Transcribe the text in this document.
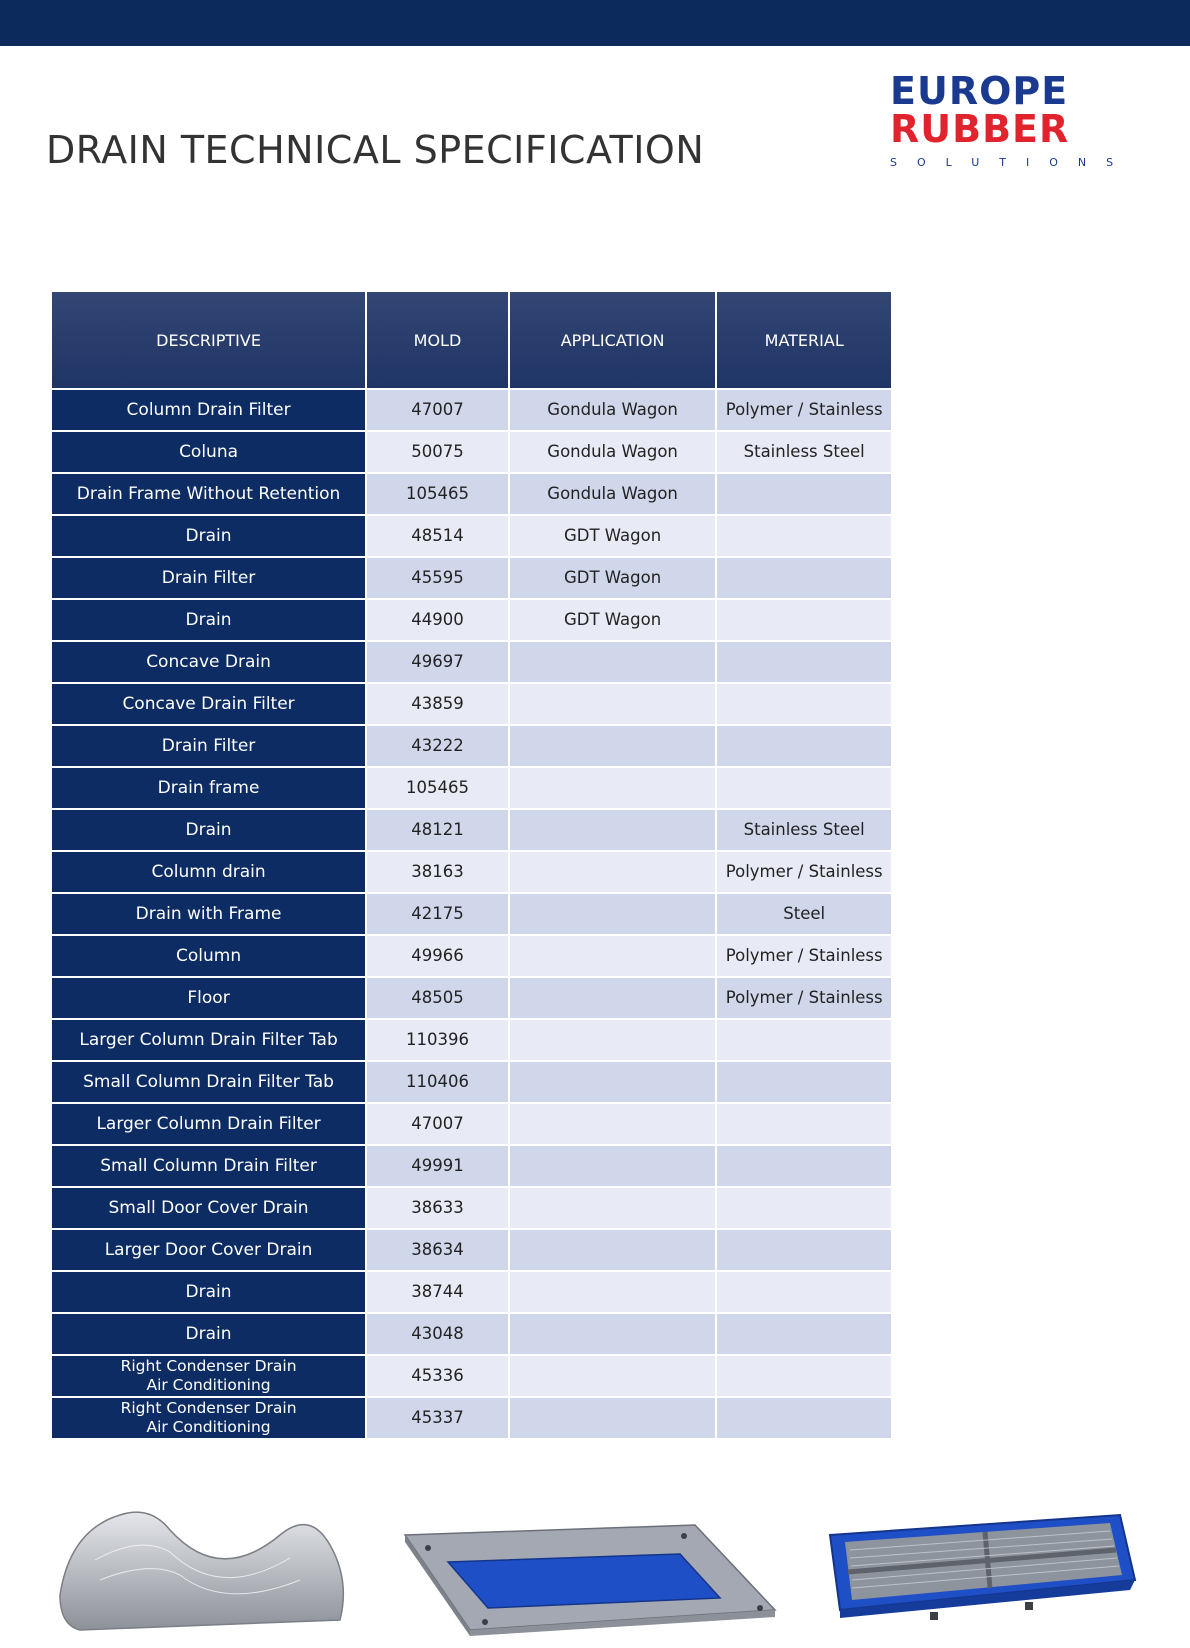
DRAIN TECHNICAL SPECIFICATION
EUROPE
RUBBER
SOLUTIONS
DESCRIPTIVE	MOLD	APPLICATION	MATERIAL
Column Drain Filter	47007	Gondula Wagon	Polymer / Stainless
Coluna	50075	Gondula Wagon	Stainless Steel
Drain Frame Without Retention	105465	Gondula Wagon	
Drain	48514	GDT Wagon	
Drain Filter	45595	GDT Wagon	
Drain	44900	GDT Wagon	
Concave Drain	49697		
Concave Drain Filter	43859		
Drain Filter	43222		
Drain frame	105465		
Drain	48121		Stainless Steel
Column drain	38163		Polymer / Stainless
Drain with Frame	42175		Steel
Column	49966		Polymer / Stainless
Floor	48505		Polymer / Stainless
Larger Column Drain Filter Tab	110396		
Small Column Drain Filter Tab	110406		
Larger Column Drain Filter	47007		
Small Column Drain Filter	49991		
Small Door Cover Drain	38633		
Larger Door Cover Drain	38634		
Drain	38744		
Drain	43048		
Right Condenser Drain
Air Conditioning	45336		
Right Condenser Drain
Air Conditioning	45337		
